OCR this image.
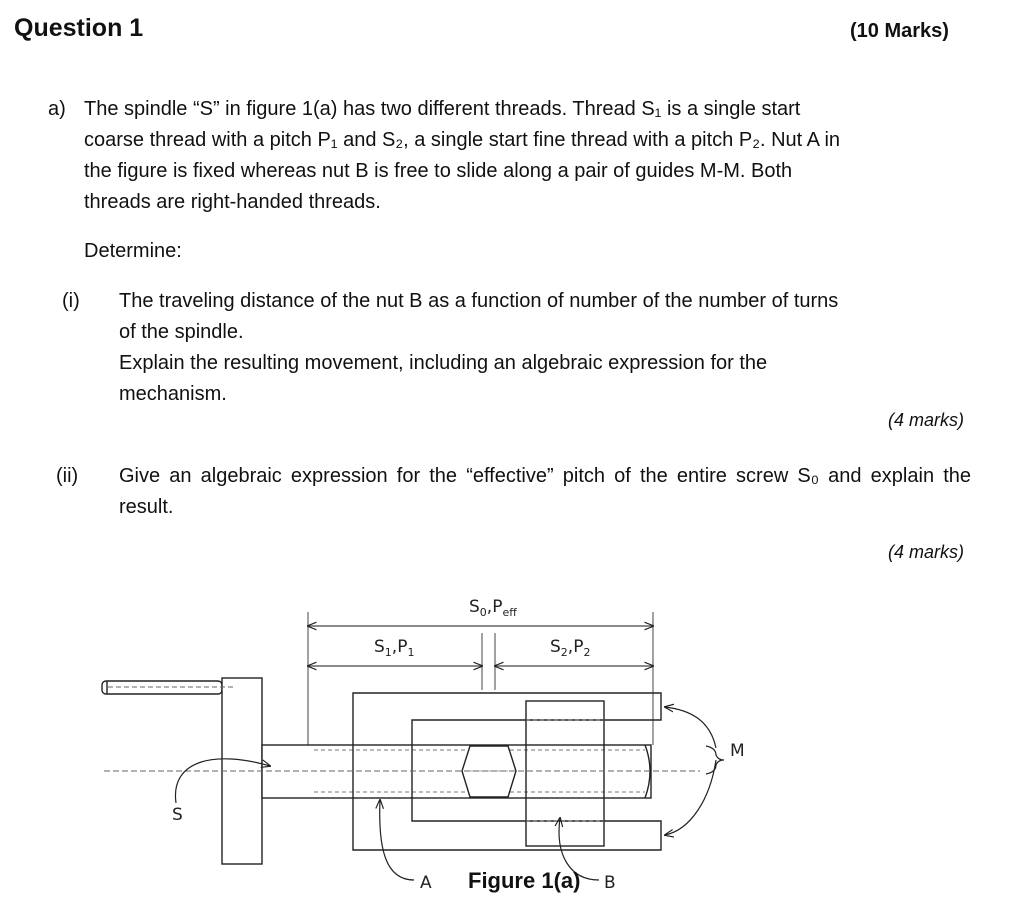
Question 1	(10 Marks)
a) The spindle “S” in figure 1(a) has two different threads. Thread S₁ is a single start
coarse thread with a pitch P₁ and S₂, a single start fine thread with a pitch P₂. Nut A in
the figure is fixed whereas nut B is free to slide along a pair of guides M-M. Both
threads are right-handed threads.
Determine:
(i) The traveling distance of the nut B as a function of number of the number of turns
of the spindle.
Explain the resulting movement, including an algebraic expression for the
mechanism.
(4 marks)
(ii) Give an algebraic expression for the “effective” pitch of the entire screw S₀ and explain the result.
(4 marks)
$S_0,P_{eff}$
$S_1,P_1$	$S_2,P_2$
S
A	B
M
Figure 1(a)
